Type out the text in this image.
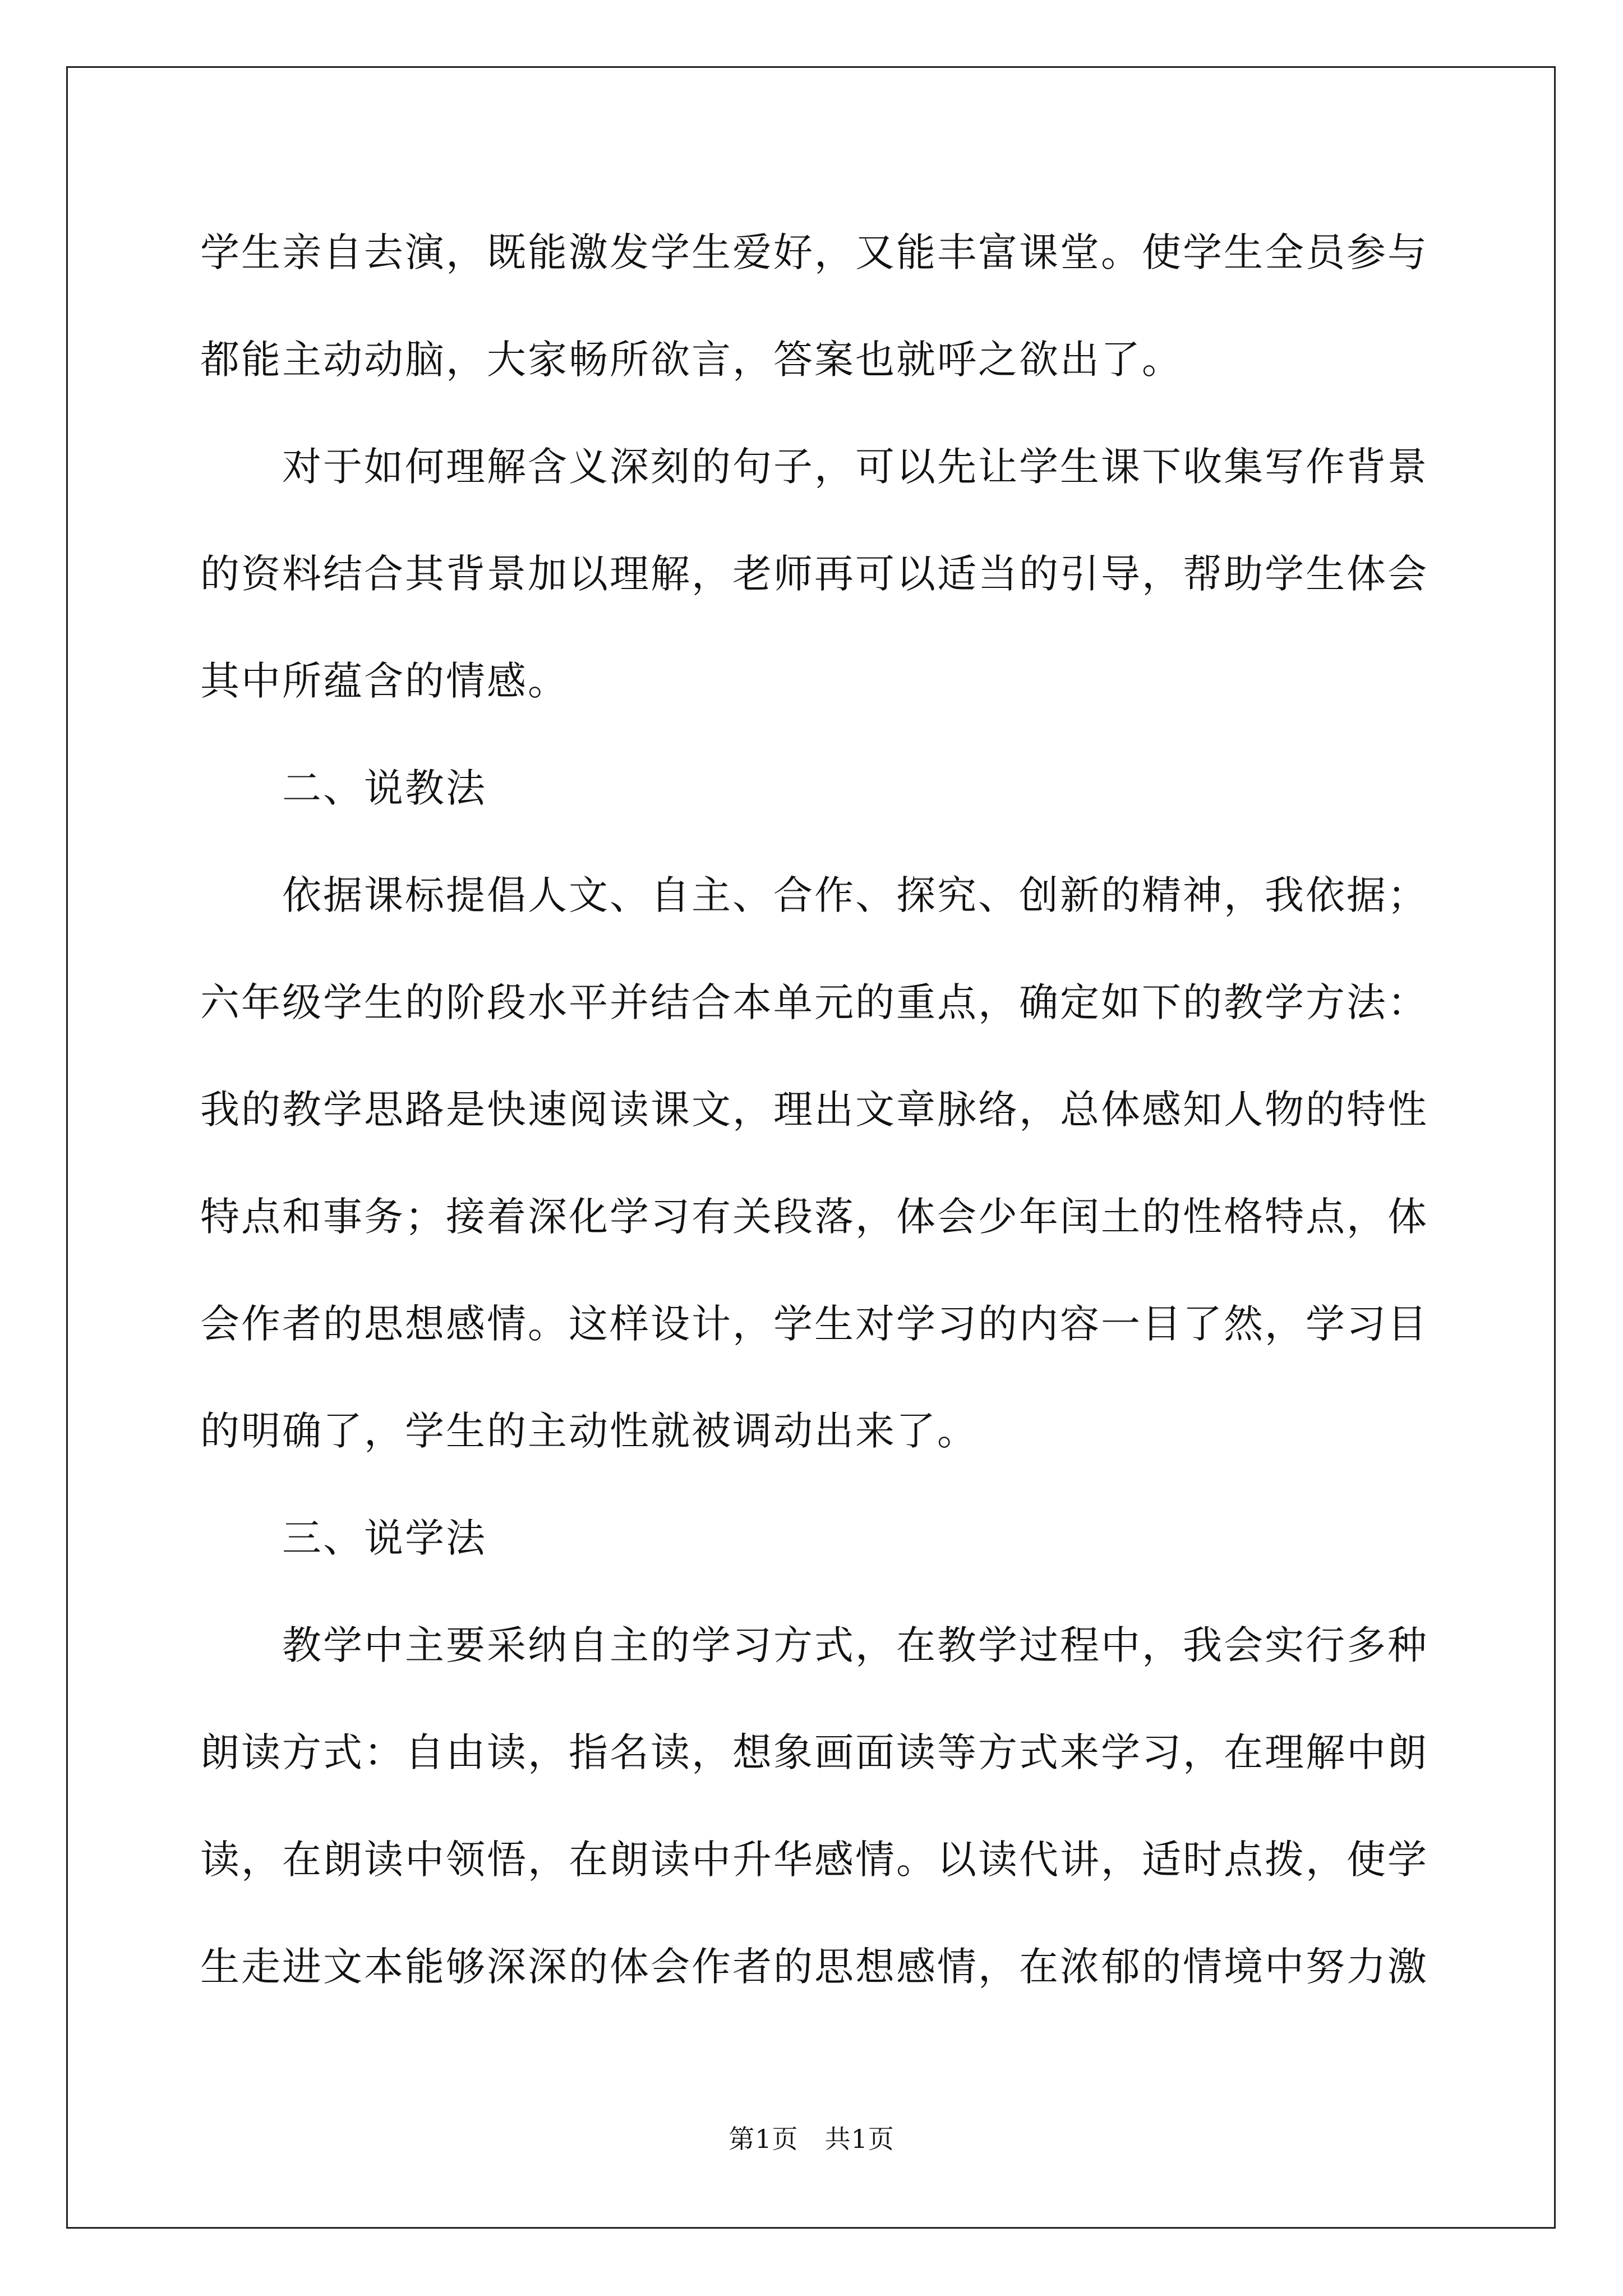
学生亲自去演，既能激发学生爱好，又能丰富课堂。使学生全员参与
都能主动动脑，大家畅所欲言，答案也就呼之欲出了。
　　对于如何理解含义深刻的句子，可以先让学生课下收集写作背景
的资料结合其背景加以理解，老师再可以适当的引导，帮助学生体会
其中所蕴含的情感。
　　二、说教法
　　依据课标提倡人文、自主、合作、探究、创新的精神，我依据；
六年级学生的阶段水平并结合本单元的重点，确定如下的教学方法：
我的教学思路是快速阅读课文，理出文章脉络，总体感知人物的特性
特点和事务；接着深化学习有关段落，体会少年闰土的性格特点，体
会作者的思想感情。这样设计，学生对学习的内容一目了然，学习目
的明确了，学生的主动性就被调动出来了。
　　三、说学法
　　教学中主要采纳自主的学习方式，在教学过程中，我会实行多种
朗读方式：自由读，指名读，想象画面读等方式来学习，在理解中朗
读，在朗读中领悟，在朗读中升华感情。以读代讲，适时点拨，使学
生走进文本能够深深的体会作者的思想感情，在浓郁的情境中努力激
第1页　共1页
